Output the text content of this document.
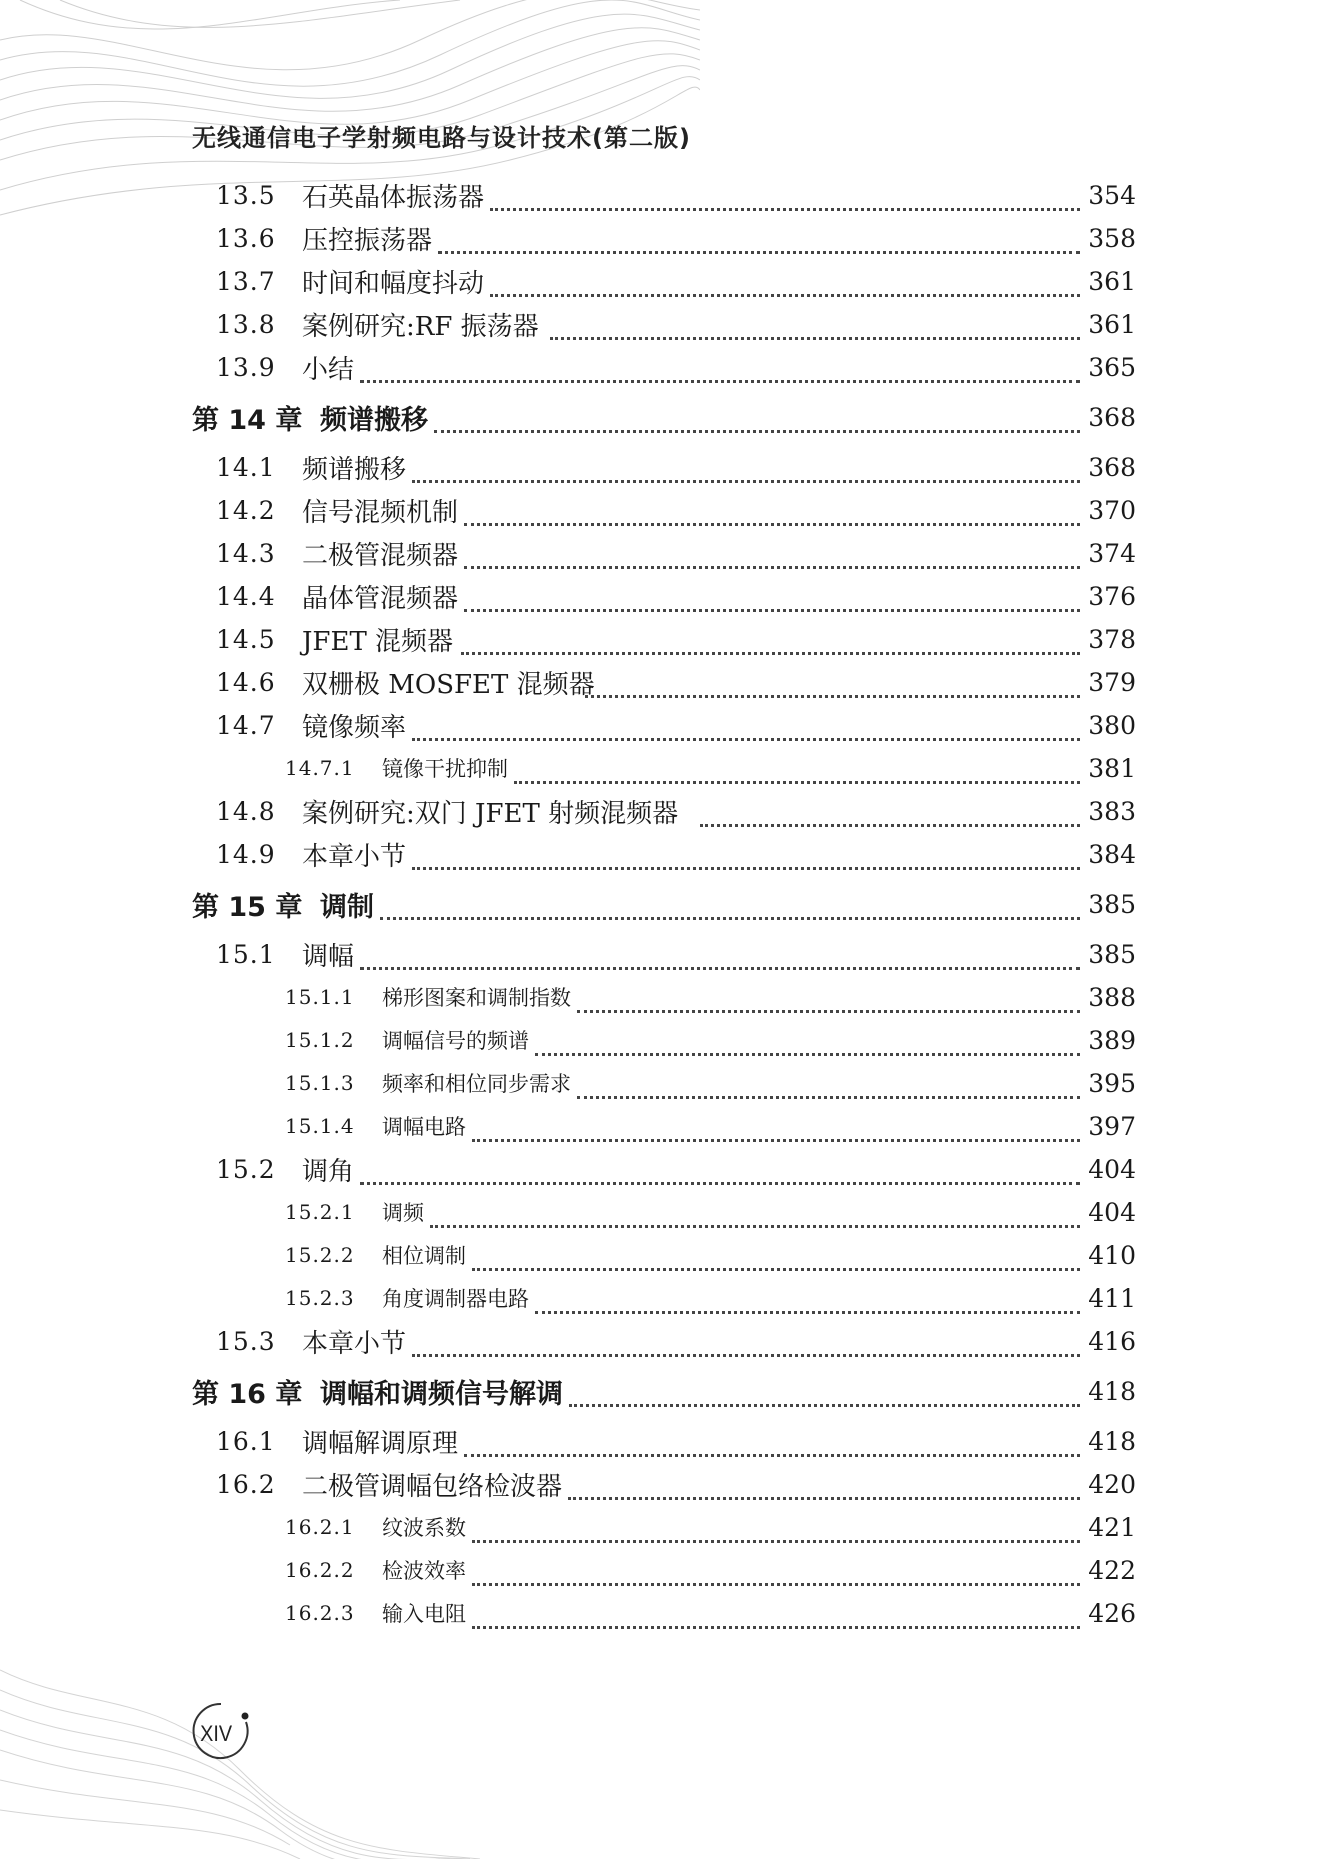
无线通信电子学射频电路与设计技术(第二版)
13.5 石英晶体振荡器	354
13.6 压控振荡器	358
13.7 时间和幅度抖动	361
13.8 案例研究:RF 振荡器	361
13.9 小结	365
第 14 章 频谱搬移	368
14.1 频谱搬移	368
14.2 信号混频机制	370
14.3 二极管混频器	374
14.4 晶体管混频器	376
14.5 JFET 混频器	378
14.6 双栅极 MOSFET 混频器	379
14.7 镜像频率	380
14.7.1 镜像干扰抑制	381
14.8 案例研究:双门 JFET 射频混频器	383
14.9 本章小节	384
第 15 章 调制	385
15.1 调幅	385
15.1.1 梯形图案和调制指数	388
15.1.2 调幅信号的频谱	389
15.1.3 频率和相位同步需求	395
15.1.4 调幅电路	397
15.2 调角	404
15.2.1 调频	404
15.2.2 相位调制	410
15.2.3 角度调制器电路	411
15.3 本章小节	416
第 16 章 调幅和调频信号解调	418
16.1 调幅解调原理	418
16.2 二极管调幅包络检波器	420
16.2.1 纹波系数	421
16.2.2 检波效率	422
16.2.3 输入电阻	426
XIV
